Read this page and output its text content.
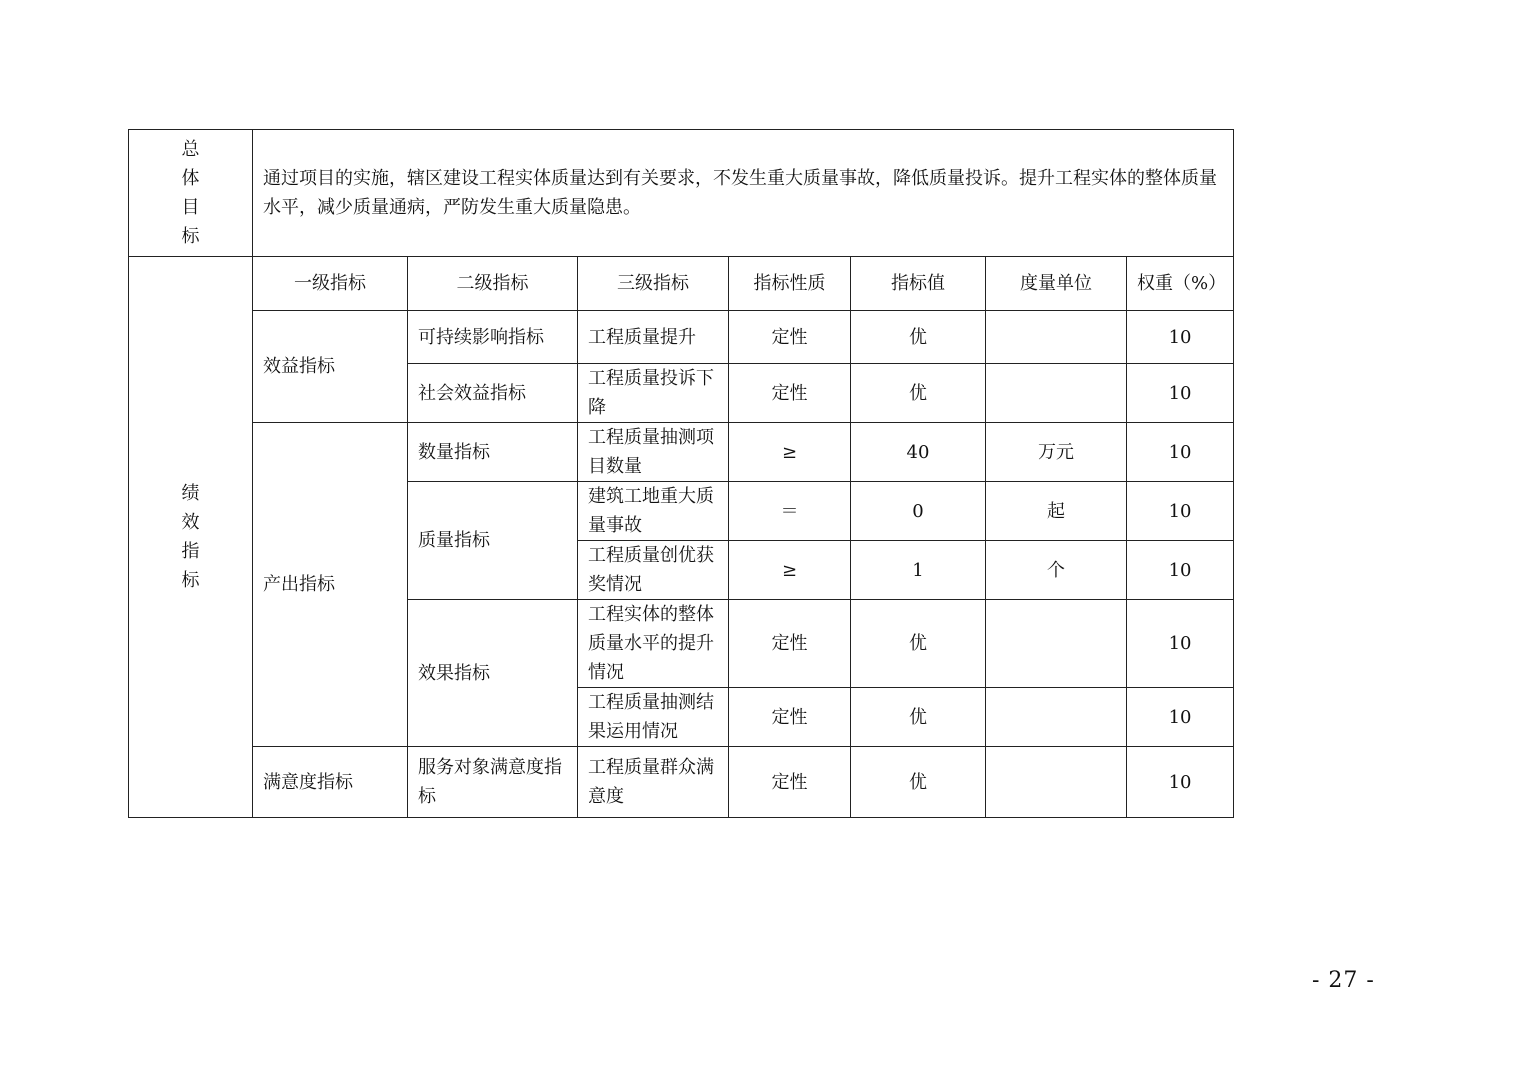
总
体
目
标	通过项目的实施，辖区建设工程实体质量达到有关要求，不发生重大质量事故，降低质量投诉。提升工程实体的整体质量水平，减少质量通病，严防发生重大质量隐患。						

绩
效
指
标	一级指标	二级指标	三级指标	指标性质	指标值	度量单位	权重（%）
	效益指标	可持续影响指标	工程质量提升	定性	优		10
		社会效益指标	工程质量投诉下降	定性	优		10
	产出指标	数量指标	工程质量抽测项目数量	≥	40	万元	10
		质量指标	建筑工地重大质量事故	＝	0	起	10
			工程质量创优获奖情况	≥	1	个	10
		效果指标	工程实体的整体质量水平的提升情况	定性	优		10
			工程质量抽测结果运用情况	定性	优		10
	满意度指标	服务对象满意度指标	工程质量群众满意度	定性	优		10
- 27 -
